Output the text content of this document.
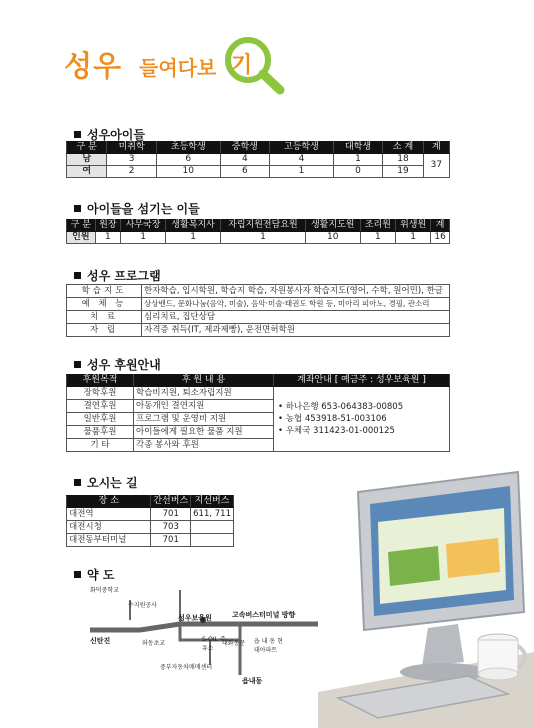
성우 들여다보 기
성우아이들
구 분	미취학	초등학생	중학생	고등학생	대학생	소 계	계
남	3	6	4	4	1	18	37
여	2	10	6	1	0	19	
아이들을 섬기는 이들
구 분	원장	사무국장	생활복지사	자립지원전담요원	생활지도원	조리원	위생원	계
인원	1	1	1	1	10	1	1	16
성우 프로그램
학습지도	한자학습, 입시학원, 학습지 학습, 자원봉사자 학습지도(영어, 수학, 원어민), 한글
예 체 능	상상밴드, 문화나눔(음악, 미술), 음악·미술·태권도 학원 등, 미아리 피아노, 경필, 관소리
치 료	심리치료, 집단상담
자 립	자격증 취득(IT, 제과제빵), 운전면허학원
성우 후원안내
후원목적	후 원 내 용	계좌안내 [ 예금주 : 성우보육원 ]
장학후원	학습비지원, 퇴소자립지원	• 하나은행 653-064383-00805
• 농협 453918-51-003106
• 우체국 311423-01-000125

결연후원	아동개인 결연지원	
일반후원	프로그램 및 운영비 지원	
물품후원	아이들에게 필요한 물품 지원	
기 타	각종 봉사와 후원	
오시는 길
장 소	간선버스	지선버스
대전역	701	611, 711
대전시청	703	
대전동부터미널	701	
약 도
화덕중학교
수지원공사
성우보육원	고속버스터미널 방향
신탄진	와동초교
S-OIL 주유소
대화동문 읍 내 동 현대아파트
중부자동차매매센터
읍내동
